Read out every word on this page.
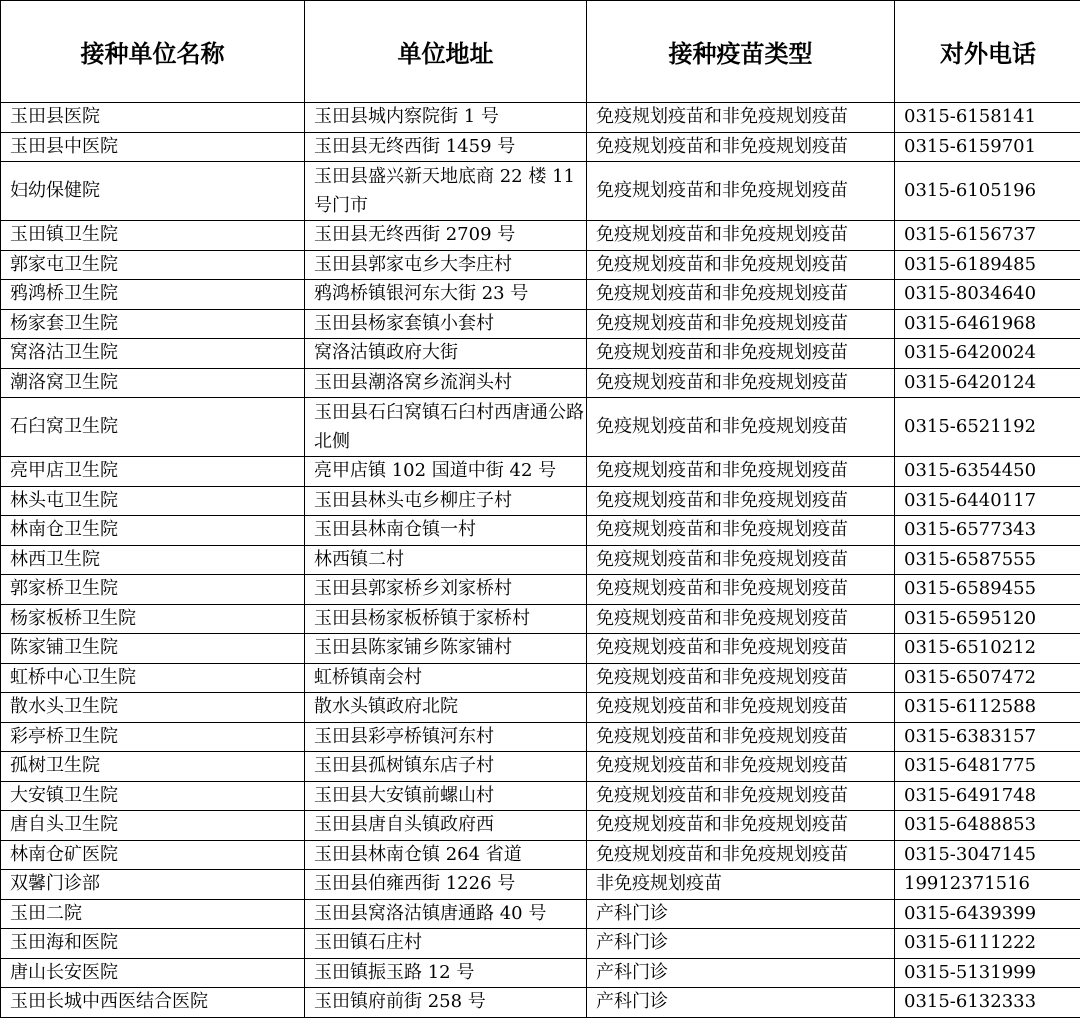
接种单位名称	单位地址	接种疫苗类型	对外电话
玉田县医院	玉田县城内察院街 1 号	免疫规划疫苗和非免疫规划疫苗	0315-6158141
玉田县中医院	玉田县无终西街 1459 号	免疫规划疫苗和非免疫规划疫苗	0315-6159701
妇幼保健院	玉田县盛兴新天地底商 22 楼 11 号门市	免疫规划疫苗和非免疫规划疫苗	0315-6105196
玉田镇卫生院	玉田县无终西街 2709 号	免疫规划疫苗和非免疫规划疫苗	0315-6156737
郭家屯卫生院	玉田县郭家屯乡大李庄村	免疫规划疫苗和非免疫规划疫苗	0315-6189485
鸦鸿桥卫生院	鸦鸿桥镇银河东大街 23 号	免疫规划疫苗和非免疫规划疫苗	0315-8034640
杨家套卫生院	玉田县杨家套镇小套村	免疫规划疫苗和非免疫规划疫苗	0315-6461968
窝洛沽卫生院	窝洛沽镇政府大街	免疫规划疫苗和非免疫规划疫苗	0315-6420024
潮洛窝卫生院	玉田县潮洛窝乡流润头村	免疫规划疫苗和非免疫规划疫苗	0315-6420124
石臼窝卫生院	玉田县石臼窝镇石臼村西唐通公路北侧	免疫规划疫苗和非免疫规划疫苗	0315-6521192
亮甲店卫生院	亮甲店镇 102 国道中街 42 号	免疫规划疫苗和非免疫规划疫苗	0315-6354450
林头屯卫生院	玉田县林头屯乡柳庄子村	免疫规划疫苗和非免疫规划疫苗	0315-6440117
林南仓卫生院	玉田县林南仓镇一村	免疫规划疫苗和非免疫规划疫苗	0315-6577343
林西卫生院	林西镇二村	免疫规划疫苗和非免疫规划疫苗	0315-6587555
郭家桥卫生院	玉田县郭家桥乡刘家桥村	免疫规划疫苗和非免疫规划疫苗	0315-6589455
杨家板桥卫生院	玉田县杨家板桥镇于家桥村	免疫规划疫苗和非免疫规划疫苗	0315-6595120
陈家铺卫生院	玉田县陈家铺乡陈家铺村	免疫规划疫苗和非免疫规划疫苗	0315-6510212
虹桥中心卫生院	虹桥镇南会村	免疫规划疫苗和非免疫规划疫苗	0315-6507472
散水头卫生院	散水头镇政府北院	免疫规划疫苗和非免疫规划疫苗	0315-6112588
彩亭桥卫生院	玉田县彩亭桥镇河东村	免疫规划疫苗和非免疫规划疫苗	0315-6383157
孤树卫生院	玉田县孤树镇东店子村	免疫规划疫苗和非免疫规划疫苗	0315-6481775
大安镇卫生院	玉田县大安镇前螺山村	免疫规划疫苗和非免疫规划疫苗	0315-6491748
唐自头卫生院	玉田县唐自头镇政府西	免疫规划疫苗和非免疫规划疫苗	0315-6488853
林南仓矿医院	玉田县林南仓镇 264 省道	免疫规划疫苗和非免疫规划疫苗	0315-3047145
双馨门诊部	玉田县伯雍西街 1226 号	非免疫规划疫苗	19912371516
玉田二院	玉田县窝洛沽镇唐通路 40 号	产科门诊	0315-6439399
玉田海和医院	玉田镇石庄村	产科门诊	0315-6111222
唐山长安医院	玉田镇振玉路 12 号	产科门诊	0315-5131999
玉田长城中西医结合医院	玉田镇府前街 258 号	产科门诊	0315-6132333
